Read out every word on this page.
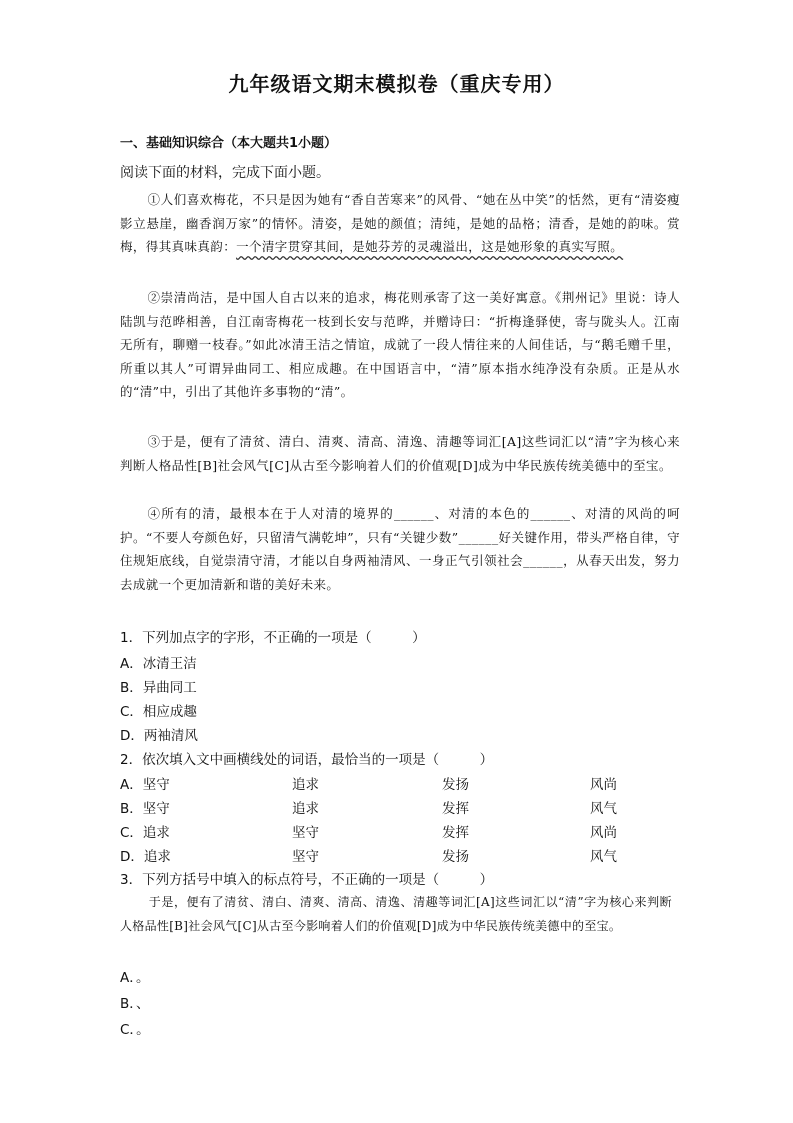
九年级语文期末模拟卷（重庆专用）
一、基础知识综合（本大题共1小题）
阅读下面的材料，完成下面小题。

①人们喜欢梅花，不只是因为她有“香自苦寒来”的风骨、“她在丛中笑”的恬然，更有“清姿瘦影立悬崖，幽香润万家”的情怀。清姿，是她的颜值；清纯，是她的品格；清香，是她的韵味。赏梅，得其真味真韵：一个清字贯穿其间，是她芬芳的灵魂溢出，这是她形象的真实写照。

②崇清尚洁，是中国人自古以来的追求，梅花则承寄了这一美好寓意。《荆州记》里说：诗人陆凯与范晔相善，自江南寄梅花一枝到长安与范晔，并赠诗曰：“折梅逢驿使，寄与陇头人。江南无所有，聊赠一枝春。”如此冰清王洁之情谊，成就了一段人情往来的人间佳话，与“鹅毛赠千里，所重以其人”可谓异曲同工、相应成趣。在中国语言中，“清”原本指水纯净没有杂质。正是从水的“清”中，引出了其他许多事物的“清”。

③于是，便有了清贫、清白、清爽、清高、清逸、清趣等词汇[A]这些词汇以“清”字为核心来判断人格品性[B]社会风气[C]从古至今影响着人们的价值观[D]成为中华民族传统美德中的至宝。

④所有的清，最根本在于人对清的境界的______、对清的本色的______、对清的风尚的呵护。“不要人夸颜色好，只留清气满乾坤”，只有“关键少数”______好关键作用，带头严格自律，守住规矩底线，自觉崇清守清，才能以自身两袖清风、一身正气引领社会______，从春天出发，努力去成就一个更加清新和谐的美好未来。

1．下列加点字的字形，不正确的一项是（　　　）
A．冰清王洁
B．异曲同工
C．相应成趣
D．两袖清风
2．依次填入文中画横线处的词语，最恰当的一项是（　　　）
A．坚守	追求	发扬	风尚
B．坚守	追求	发挥	风气
C．追求	坚守	发挥	风尚
D．追求	坚守	发扬	风气
3．下列方括号中填入的标点符号，不正确的一项是（　　　）

于是，便有了清贫、清白、清爽、清高、清逸、清趣等词汇[A]这些词汇以“清”字为核心来判断人格品性[B]社会风气[C]从古至今影响着人们的价值观[D]成为中华民族传统美德中的至宝。

A．。
B．、
C．。
